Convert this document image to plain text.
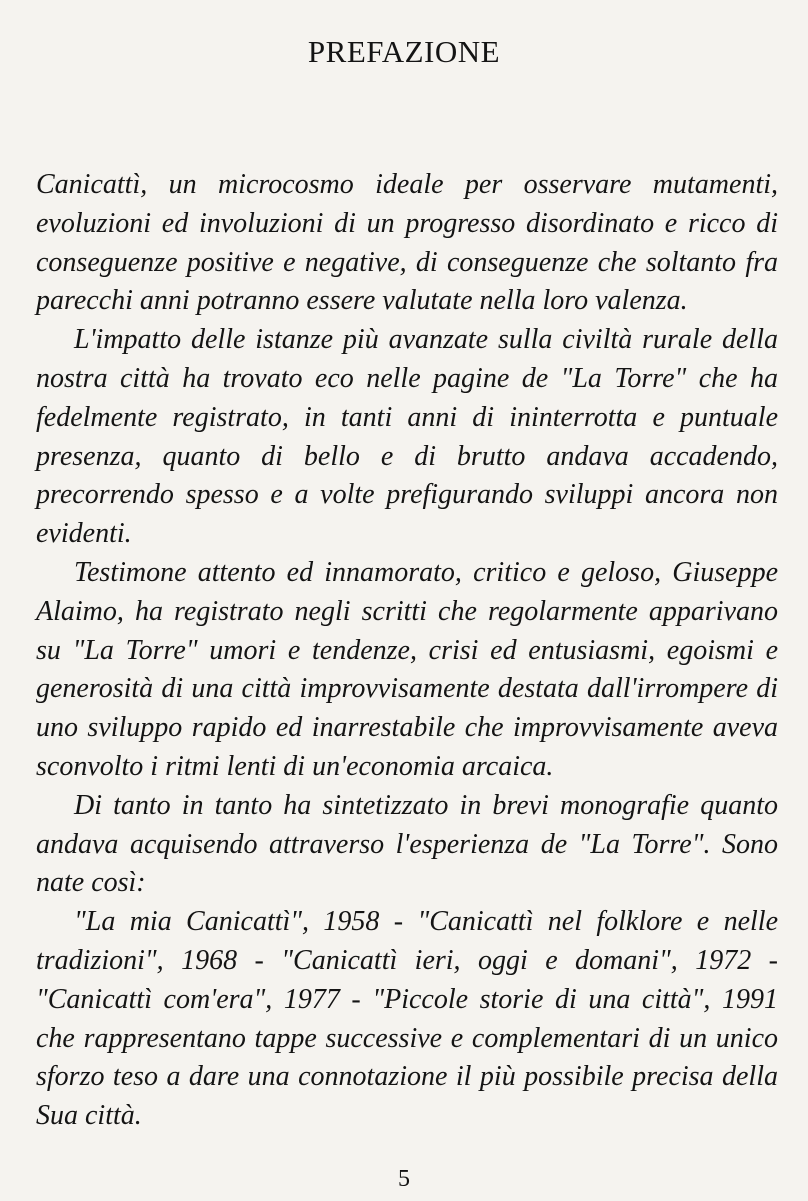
PREFAZIONE

Canicattì, un microcosmo ideale per osservare mutamenti, evoluzioni ed involuzioni di un progresso disordinato e ricco di conseguenze positive e negative, di conseguenze che soltanto fra parecchi anni potranno essere valutate nella loro valenza.

L'impatto delle istanze più avanzate sulla civiltà rurale della nostra città ha trovato eco nelle pagine de "La Torre" che ha fedelmente registrato, in tanti anni di ininterrotta e puntuale presenza, quanto di bello e di brutto andava accadendo, precorrendo spesso e a volte prefigurando sviluppi ancora non evidenti.

Testimone attento ed innamorato, critico e geloso, Giuseppe Alaimo, ha registrato negli scritti che regolarmente apparivano su "La Torre" umori e tendenze, crisi ed entusiasmi, egoismi e generosità di una città improvvisamente destata dall'irrompere di uno sviluppo rapido ed inarrestabile che improvvisamente aveva sconvolto i ritmi lenti di un'economia arcaica.

Di tanto in tanto ha sintetizzato in brevi monografie quanto andava acquisendo attraverso l'esperienza de "La Torre". Sono nate così:

"La mia Canicattì", 1958 - "Canicattì nel folklore e nelle tradizioni", 1968 - "Canicattì ieri, oggi e domani", 1972 - "Canicattì com'era", 1977 - "Piccole storie di una città", 1991 che rappresentano tappe successive e complementari di un unico sforzo teso a dare una connotazione il più possibile precisa della Sua città.

5
